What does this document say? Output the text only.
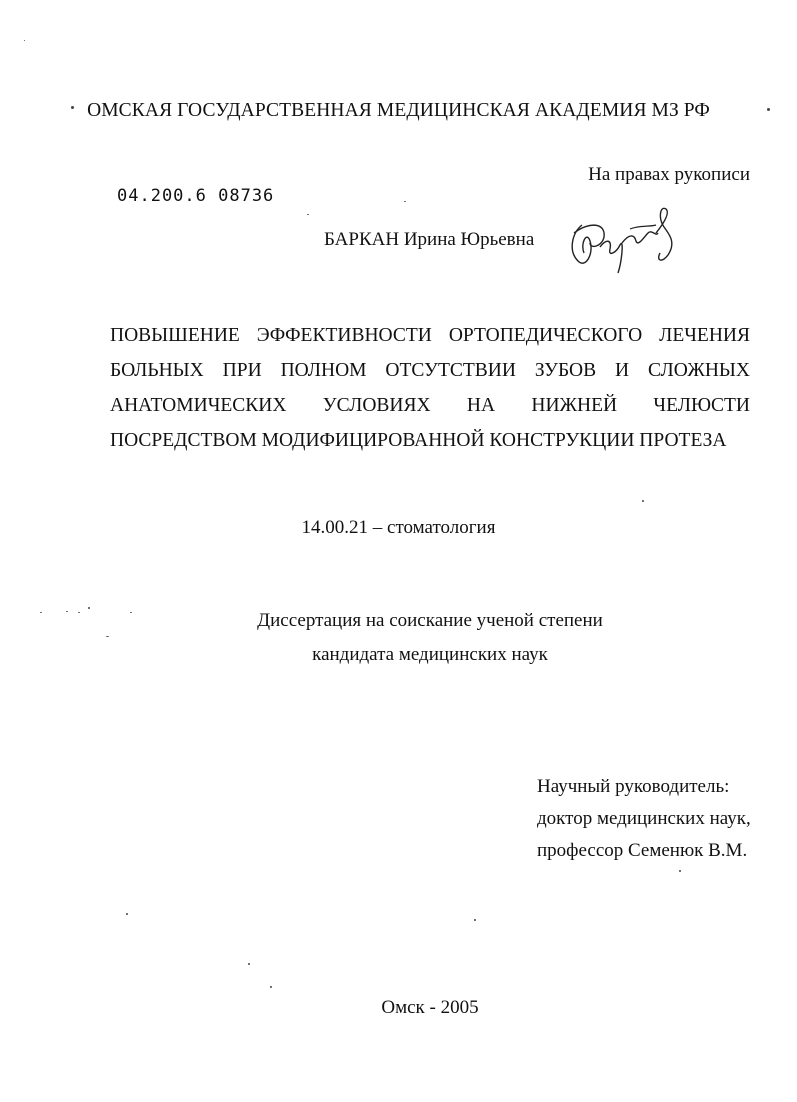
ОМСКАЯ ГОСУДАРСТВЕННАЯ МЕДИЦИНСКАЯ АКАДЕМИЯ МЗ РФ

На правах рукописи

04.200.6 08736

БАРКАН Ирина Юрьевна

ПОВЫШЕНИЕ ЭФФЕКТИВНОСТИ ОРТОПЕДИЧЕСКОГО ЛЕЧЕНИЯ
БОЛЬНЫХ ПРИ ПОЛНОМ ОТСУТСТВИИ ЗУБОВ И СЛОЖНЫХ
АНАТОМИЧЕСКИХ УСЛОВИЯХ НА НИЖНЕЙ ЧЕЛЮСТИ
ПОСРЕДСТВОМ МОДИФИЦИРОВАННОЙ КОНСТРУКЦИИ ПРОТЕЗА

14.00.21 – стоматология

Диссертация на соискание ученой степени

кандидата медицинских наук

Научный руководитель:

доктор медицинских наук,

профессор Семенюк В.М.

Омск - 2005
